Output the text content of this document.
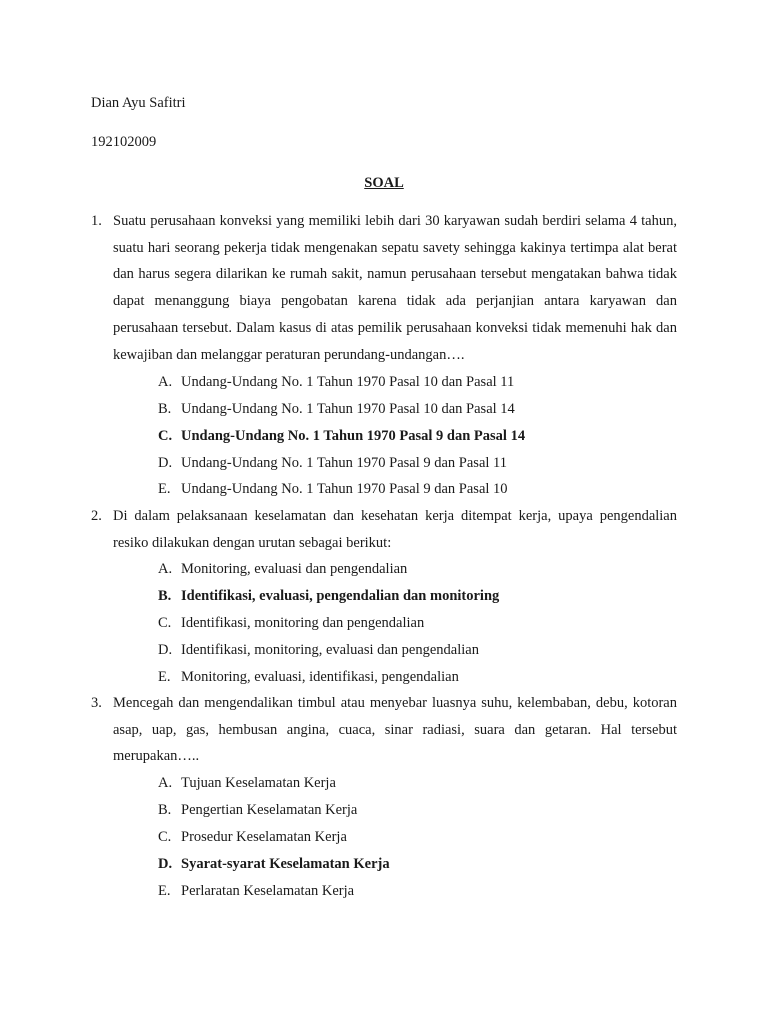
Dian Ayu Safitri
192102009
SOAL
1. Suatu perusahaan konveksi yang memiliki lebih dari 30 karyawan sudah berdiri selama 4 tahun, suatu hari seorang pekerja tidak mengenakan sepatu savety sehingga kakinya tertimpa alat berat dan harus segera dilarikan ke rumah sakit, namun perusahaan tersebut mengatakan bahwa tidak dapat menanggung biaya pengobatan karena tidak ada perjanjian antara karyawan dan perusahaan tersebut. Dalam kasus di atas pemilik perusahaan konveksi tidak memenuhi hak dan kewajiban dan melanggar peraturan perundang-undangan….
A. Undang-Undang No. 1 Tahun 1970 Pasal 10 dan Pasal 11
B. Undang-Undang No. 1 Tahun 1970 Pasal 10 dan Pasal 14
C. Undang-Undang No. 1 Tahun 1970 Pasal 9 dan Pasal 14
D. Undang-Undang No. 1 Tahun 1970 Pasal 9 dan Pasal 11
E. Undang-Undang No. 1 Tahun 1970 Pasal 9 dan Pasal 10
2. Di dalam pelaksanaan keselamatan dan kesehatan kerja ditempat kerja, upaya pengendalian resiko dilakukan dengan urutan sebagai berikut:
A. Monitoring, evaluasi dan pengendalian
B. Identifikasi, evaluasi, pengendalian dan monitoring
C. Identifikasi, monitoring dan pengendalian
D. Identifikasi, monitoring, evaluasi dan pengendalian
E. Monitoring, evaluasi, identifikasi, pengendalian
3. Mencegah dan mengendalikan timbul atau menyebar luasnya suhu, kelembaban, debu, kotoran asap, uap, gas, hembusan angina, cuaca, sinar radiasi, suara dan getaran. Hal tersebut merupakan…..
A. Tujuan Keselamatan Kerja
B. Pengertian Keselamatan Kerja
C. Prosedur Keselamatan Kerja
D. Syarat-syarat Keselamatan Kerja
E. Perlaratan Keselamatan Kerja
